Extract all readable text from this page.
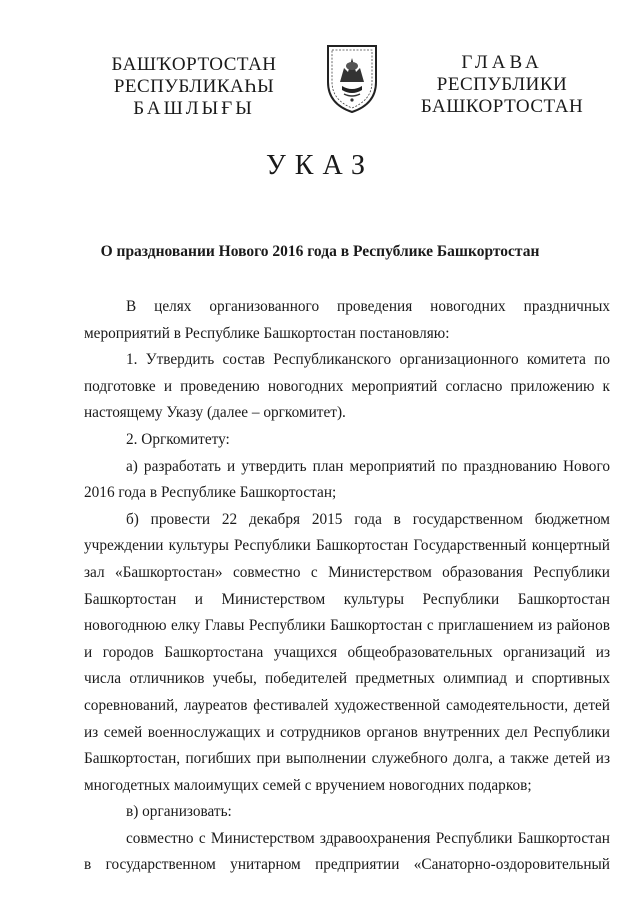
БАШҠОРТОСТАН
РЕСПУБЛИКАҺЫ
БАШЛЫҒЫ
ГЛАВА
РЕСПУБЛИКИ
БАШКОРТОСТАН
УКАЗ
О праздновании Нового 2016 года в Республике Башкортостан

В целях организованного проведения новогодних праздничных мероприятий в Республике Башкортостан постановляю:

1. Утвердить состав Республиканского организационного комитета по подготовке и проведению новогодних мероприятий согласно приложению к настоящему Указу (далее – оргкомитет).

2. Оргкомитету:

а) разработать и утвердить план мероприятий по празднованию Нового 2016 года в Республике Башкортостан;

б) провести 22 декабря 2015 года в государственном бюджетном учреждении культуры Республики Башкортостан Государственный концертный зал «Башкортостан» совместно с Министерством образования Республики Башкортостан и Министерством культуры Республики Башкортостан новогоднюю елку Главы Республики Башкортостан с приглашением из районов и городов Башкортостана учащихся общеобразовательных организаций из числа отличников учебы, победителей предметных олимпиад и спортивных соревнований, лауреатов фестивалей художественной самодеятельности, детей из семей военнослужащих и сотрудников органов внутренних дел Республики Башкортостан, погибших при выполнении служебного долга, а также детей из многодетных малоимущих семей с вручением новогодних подарков;

в) организовать:

совместно с Министерством здравоохранения Республики Башкортостан в государственном унитарном предприятии «Санаторно-оздоровительный
